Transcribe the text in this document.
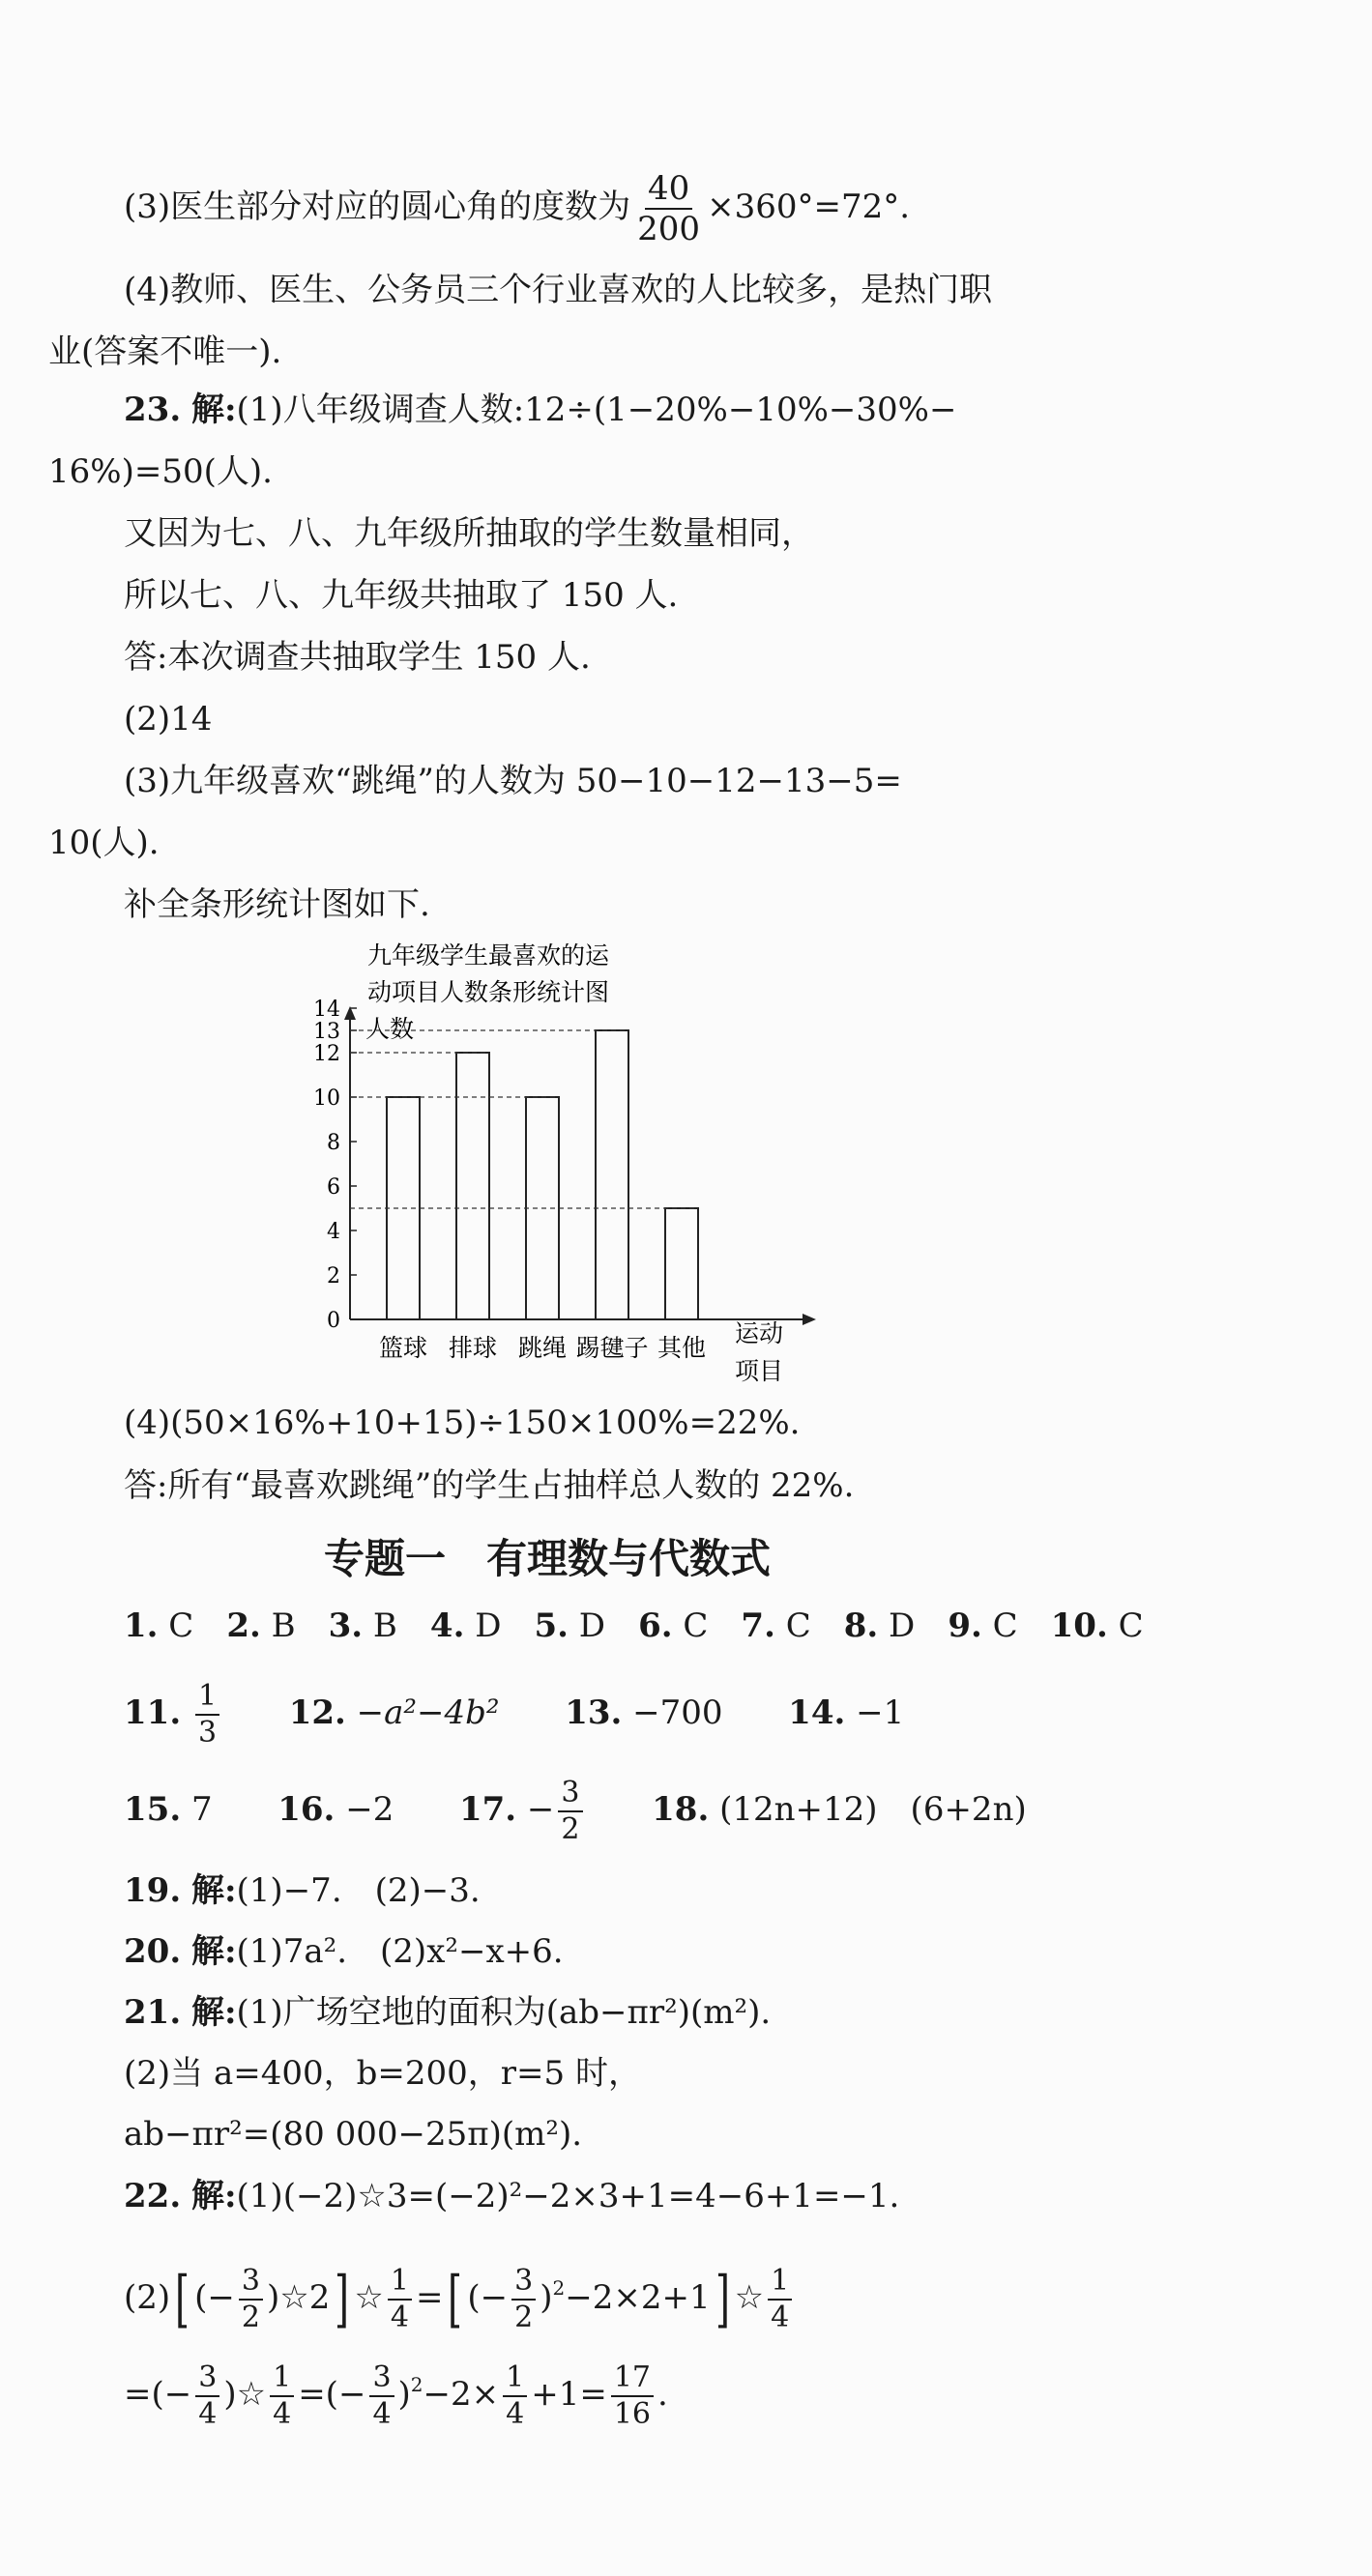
(3)医生部分对应的圆心角的度数为 $\frac{40}{200} \times 360^\circ=72^\circ$.
(4)教师、医生、公务员三个行业喜欢的人比较多，是热门职
业(答案不唯一).
23. 解:(1)八年级调查人数:12÷(1−20%−10%−30%−
16%)=50(人).
又因为七、八、九年级所抽取的学生数量相同，
所以七、八、九年级共抽取了 150 人.
答:本次调查共抽取学生 150 人.
(2)14
(3)九年级喜欢“跳绳”的人数为 50−10−12−13−5=
10(人).
补全条形统计图如下.
九年级学生最喜欢的运
动项目人数条形统计图
人数
运动
项目
0
2
4
6
8
10
12
13
14
篮球 排球 跳绳 踢毽子 其他
(4)(50×16%+10+15)÷150×100%=22%.
答:所有“最喜欢跳绳”的学生占抽样总人数的 22%.
专题一　有理数与代数式
1. C 2. B 3. B 4. D 5. D 6. C 7. C 8. D 9. C 10. C
11. $\frac{1}{3} 12$. −a²−4b² 13. −700 14. −1
15. 7 16. −2 17. − $\frac{3}{2} 18$. (12n+12)　(6+2n)
19. 解:(1)−7.　(2)−3.
20. 解:(1)7a².　(2)x²−x+6.
21. 解:(1)广场空地的面积为(ab−πr²)(m²).
(2)当 a=400，b=200，r=5 时，
ab−πr²=(80 000−25π)(m²).
22. 解:(1)(−2)☆3=(−2)²−2×3+1=4−6+1=−1.
(2)[ (− $\frac{3}{2}$ )☆2] ☆ $\frac{1}{4}$ =[ (− $\frac{3}{2} )^2-2\times 2+1$] ☆ $\frac{1}{4}$
=(− $\frac{3}{4}$ )☆ $\frac{1}{4}$ =(− $\frac{3}{4} )^2-2\times \frac{1}{4} +1= \frac{17}{16}$ .
